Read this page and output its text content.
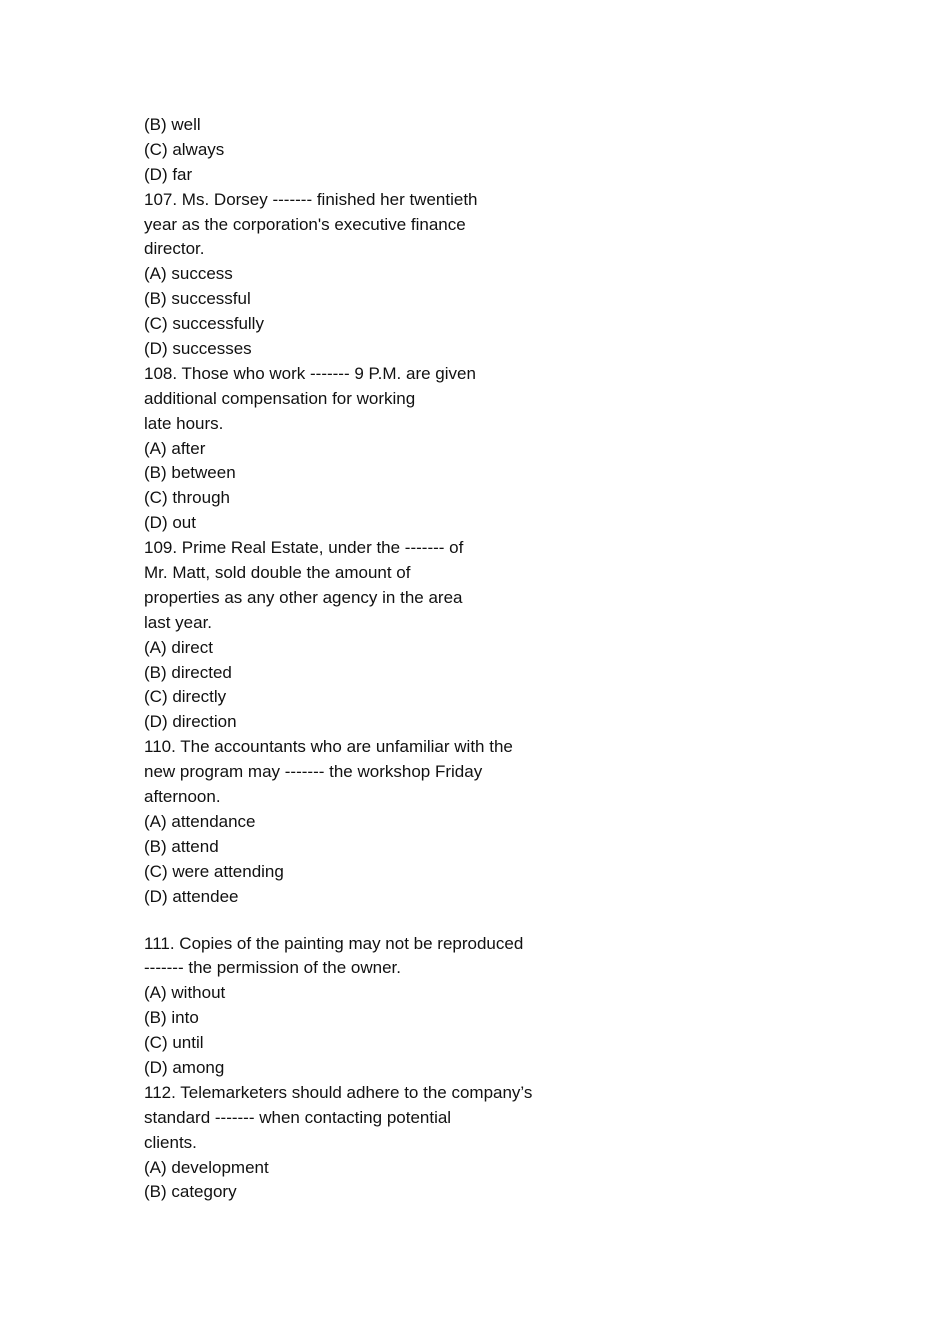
(B) well
(C) always
(D) far
107. Ms. Dorsey ------- finished her twentieth
year as the corporation's executive finance
director.
(A) success
(B) successful
(C) successfully
(D) successes
108. Those who work ------- 9 P.M. are given
additional compensation for working
late hours.
(A) after
(B) between
(C) through
(D) out
109. Prime Real Estate, under the ------- of
Mr. Matt, sold double the amount of
properties as any other agency in the area
last year.
(A) direct
(B) directed
(C) directly
(D) direction
110. The accountants who are unfamiliar with the
new program may ------- the workshop Friday
afternoon.
(A) attendance
(B) attend
(C) were attending
(D) attendee
111. Copies of the painting may not be reproduced
------- the permission of the owner.
(A) without
(B) into
(C) until
(D) among
112. Telemarketers should adhere to the company’s
standard ------- when contacting potential
clients.
(A) development
(B) category
